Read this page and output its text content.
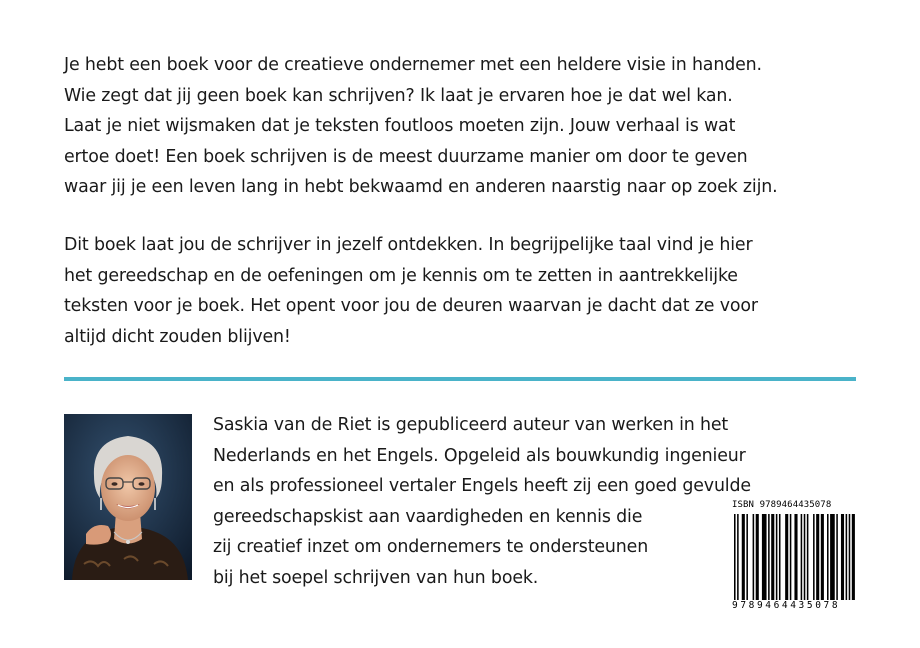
Je hebt een boek voor de creatieve ondernemer met een heldere visie in handen.
Wie zegt dat jij geen boek kan schrijven? Ik laat je ervaren hoe je dat wel kan.
Laat je niet wijsmaken dat je teksten foutloos moeten zijn. Jouw verhaal is wat
ertoe doet! Een boek schrijven is de meest duurzame manier om door te geven
waar jij je een leven lang in hebt bekwaamd en anderen naarstig naar op zoek zijn.
Dit boek laat jou de schrijver in jezelf ontdekken. In begrijpelijke taal vind je hier
het gereedschap en de oefeningen om je kennis om te zetten in aantrekkelijke
teksten voor je boek. Het opent voor jou de deuren waarvan je dacht dat ze voor
altijd dicht zouden blijven!
Saskia van de Riet is gepubliceerd auteur van werken in het
Nederlands en het Engels. Opgeleid als bouwkundig ingenieur
en als professioneel vertaler Engels heeft zij een goed gevulde
gereedschapskist aan vaardigheden en kennis die
zij creatief inzet om ondernemers te ondersteunen
bij het soepel schrijven van hun boek.
ISBN 9789464435078
9789464435078
